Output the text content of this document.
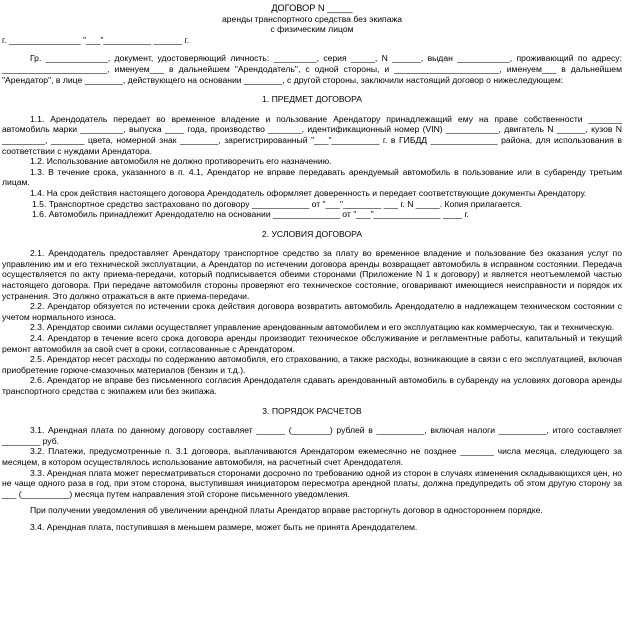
ДОГОВОР N _____
аренды транспортного средства без экипажа
с физическим лицом
г. _______________ "___"__________ ______ г.
Гр. _____________, документ, удостоверяющий личность: _________, серия _____, N ______, выдан ___________, проживающий по адресу: ______________________, именуем___ в дальнейшем "Арендодатель", с одной стороны, и ______________________, именуем___ в дальнейшем "Арендатор", в лице ________, действующего на основании ________, с другой стороны, заключили настоящий договор о нижеследующем:
1. ПРЕДМЕТ ДОГОВОРА
1.1. Арендодатель передает во временное владение и пользование Арендатору принадлежащий ему на праве собственности _______ автомобиль марки _________, выпуска ____ года, производство _______, идентификационный номер (VIN) ___________, двигатель N ______, кузов N _________, _______ цвета, номерной знак ________, зарегистрированный "___"__________ г. в ГИБДД ______________ района, для использования в соответствии с нуждами Арендатора.
1.2. Использование автомобиля не должно противоречить его назначению.
1.3. В течение срока, указанного в п. 4.1, Арендатор не вправе передавать арендуемый автомобиль в пользование или в субаренду третьим лицам.
1.4. На срок действия настоящего договора Арендодатель оформляет доверенность и передает соответствующие документы Арендатору.
1.5. Транспортное средство застраховано по договору ____________ от "___"________ ___ г. N _____. Копия прилагается.
1.6. Автомобиль принадлежит Арендодателю на основании ______________ от "___"______________ ____ г.
2. УСЛОВИЯ ДОГОВОРА
2.1. Арендодатель предоставляет Арендатору транспортное средство за плату во временное владение и пользование без оказания услуг по управлению им и его технической эксплуатации, а Арендатор по истечении договора аренды возвращает автомобиль в исправном состоянии. Передача осуществляется по акту приема-передачи, который подписывается обеими сторонами (Приложение N 1 к договору) и является неотъемлемой частью настоящего договора. При передаче автомобиля стороны проверяют его техническое состояние, оговаривают имеющиеся неисправности и порядок их устранения. Это должно отражаться в акте приема-передачи.
2.2. Арендатор обязуется по истечении срока действия договора возвратить автомобиль Арендодателю в надлежащем техническом состоянии с учетом нормального износа.
2.3. Арендатор своими силами осуществляет управление арендованным автомобилем и его эксплуатацию как коммерческую, так и техническую.
2.4. Арендатор в течение всего срока договора аренды производит техническое обслуживание и регламентные работы, капитальный и текущий ремонт автомобиля за свой счет в сроки, согласованные с Арендатором.
2.5. Арендатор несет расходы по содержанию автомобиля, его страхованию, а также расходы, возникающие в связи с его эксплуатацией, включая приобретение горюче-смазочных материалов (бензин и т.д.).
2.6. Арендатор не вправе без письменного согласия Арендодателя сдавать арендованный автомобиль в субаренду на условиях договора аренды транспортного средства с экипажем или без экипажа.
3. ПОРЯДОК РАСЧЕТОВ
3.1. Арендная плата по данному договору составляет ______ (________) рублей в __________, включая налоги __________, итого составляет ________ руб.
3.2. Платежи, предусмотренные п. 3.1 договора, выплачиваются Арендатором ежемесячно не позднее _______ числа месяца, следующего за месяцем, в котором осуществлялось использование автомобиля, на расчетный счет Арендодателя.
3.3. Арендная плата может пересматриваться сторонами досрочно по требованию одной из сторон в случаях изменения складывающихся цен, но не чаще одного раза в год, при этом сторона, выступившая инициатором пересмотра арендной платы, должна предупредить об этом другую сторону за ___ (__________) месяца путем направления этой стороне письменного уведомления.
При получении уведомления об увеличении арендной платы Арендатор вправе расторгнуть договор в одностороннем порядке.
3.4. Арендная плата, поступившая в меньшем размере, может быть не принята Арендодателем.
